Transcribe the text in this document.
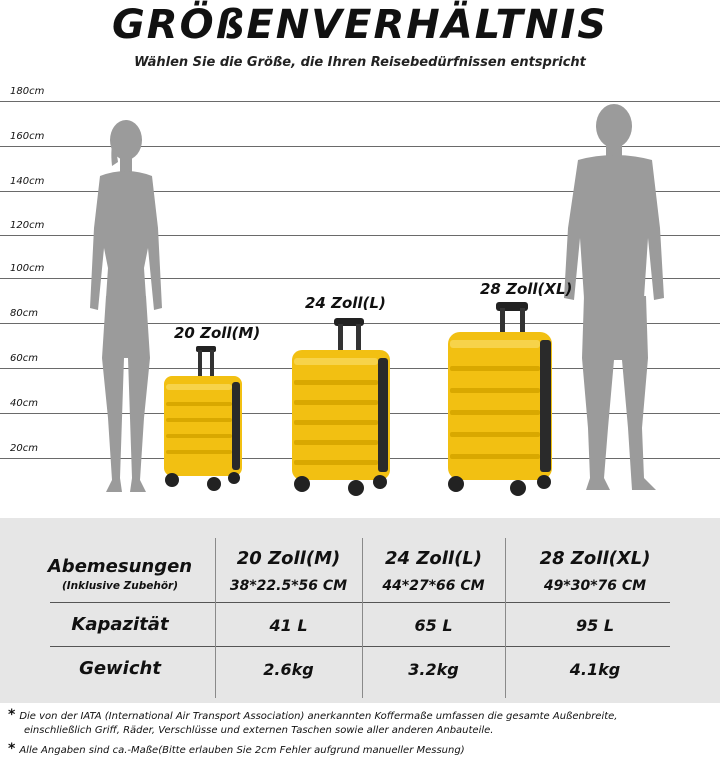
GRÖßENVERHÄLTNIS
Wählen Sie die Größe, die Ihren Reisebedürfnissen entspricht
180cm
160cm
140cm
120cm
100cm
80cm
60cm
40cm
20cm
20 Zoll(M)
24 Zoll(L)
28 Zoll(XL)
Abemesungen
(Inklusive Zubehör)
Kapazität
Gewicht
20 Zoll(M)
38*22.5*56 CM
41 L
2.6kg
24 Zoll(L)
44*27*66 CM
65 L
3.2kg
28 Zoll(XL)
49*30*76 CM
95 L
4.1kg
* Die von der IATA (International Air Transport Association) anerkannten Koffermaße umfassen die gesamte Außenbreite,
einschließlich Griff, Räder, Verschlüsse und externen Taschen sowie aller anderen Anbauteile.
* Alle Angaben sind ca.-Maße(Bitte erlauben Sie 2cm Fehler aufgrund manueller Messung)
